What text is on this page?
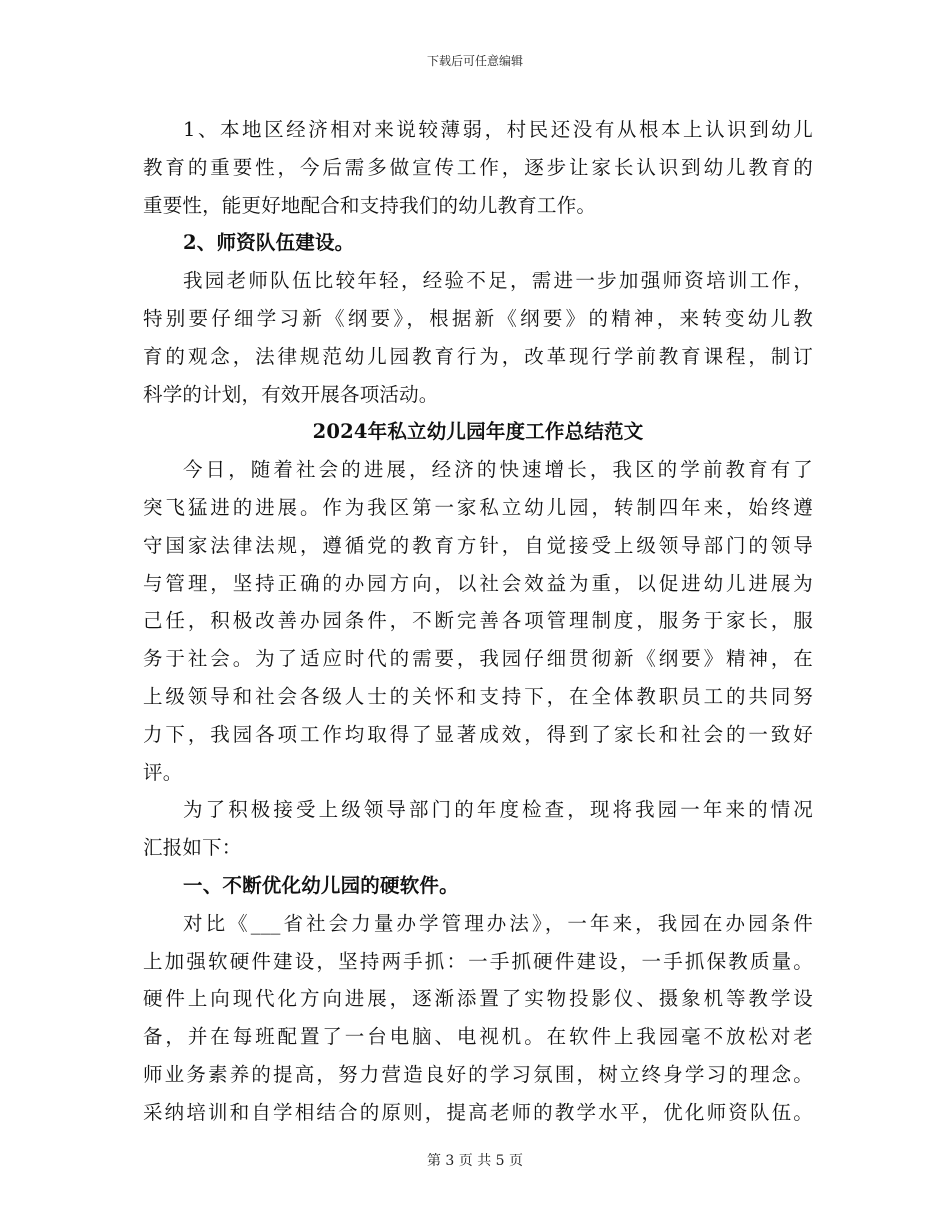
下载后可任意编辑
1、本地区经济相对来说较薄弱，村民还没有从根本上认识到幼儿
教育的重要性，今后需多做宣传工作，逐步让家长认识到幼儿教育的
重要性，能更好地配合和支持我们的幼儿教育工作。
2、师资队伍建设。
我园老师队伍比较年轻，经验不足，需进一步加强师资培训工作，
特别要仔细学习新《纲要》，根据新《纲要》的精神，来转变幼儿教
育的观念，法律规范幼儿园教育行为，改革现行学前教育课程，制订
科学的计划，有效开展各项活动。
2024年私立幼儿园年度工作总结范文
今日，随着社会的进展，经济的快速增长，我区的学前教育有了
突飞猛进的进展。作为我区第一家私立幼儿园，转制四年来，始终遵
守国家法律法规，遵循党的教育方针，自觉接受上级领导部门的领导
与管理，坚持正确的办园方向，以社会效益为重，以促进幼儿进展为
己任，积极改善办园条件，不断完善各项管理制度，服务于家长，服
务于社会。为了适应时代的需要，我园仔细贯彻新《纲要》精神，在
上级领导和社会各级人士的关怀和支持下，在全体教职员工的共同努
力下，我园各项工作均取得了显著成效，得到了家长和社会的一致好
评。
为了积极接受上级领导部门的年度检查，现将我园一年来的情况
汇报如下：
一、不断优化幼儿园的硬软件。
对比《___省社会力量办学管理办法》，一年来，我园在办园条件
上加强软硬件建设，坚持两手抓：一手抓硬件建设，一手抓保教质量。
硬件上向现代化方向进展，逐渐添置了实物投影仪、摄象机等教学设
备，并在每班配置了一台电脑、电视机。在软件上我园毫不放松对老
师业务素养的提高，努力营造良好的学习氛围，树立终身学习的理念。
采纳培训和自学相结合的原则，提高老师的教学水平，优化师资队伍。
第 3 页 共 5 页
